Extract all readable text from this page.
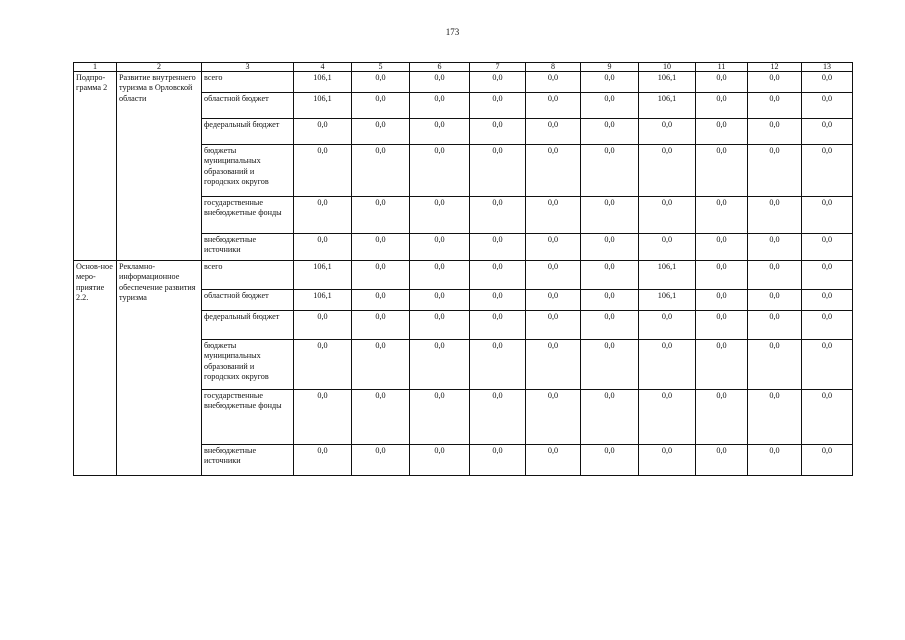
173
1	2	3	4	5	6	7	8	9	10	11	12	13
Подпро-грамма 2	Развитие внутреннего туризма в Орловской области	всего	106,1	0,0	0,0	0,0	0,0	0,0	106,1	0,0	0,0	0,0
		областной бюджет	106,1	0,0	0,0	0,0	0,0	0,0	106,1	0,0	0,0	0,0
		федеральный бюджет	0,0	0,0	0,0	0,0	0,0	0,0	0,0	0,0	0,0	0,0
		бюджеты муниципальных образований и городских округов	0,0	0,0	0,0	0,0	0,0	0,0	0,0	0,0	0,0	0,0
		государственные внебюджетные фонды	0,0	0,0	0,0	0,0	0,0	0,0	0,0	0,0	0,0	0,0
		внебюджетные источники	0,0	0,0	0,0	0,0	0,0	0,0	0,0	0,0	0,0	0,0
Основ-ное меро-приятие 2.2.	Рекламно-информационное обеспечение развития туризма	всего	106,1	0,0	0,0	0,0	0,0	0,0	106,1	0,0	0,0	0,0
		областной бюджет	106,1	0,0	0,0	0,0	0,0	0,0	106,1	0,0	0,0	0,0
		федеральный бюджет	0,0	0,0	0,0	0,0	0,0	0,0	0,0	0,0	0,0	0,0
		бюджеты муниципальных образований и городских округов	0,0	0,0	0,0	0,0	0,0	0,0	0,0	0,0	0,0	0,0
		государственные внебюджетные фонды	0,0	0,0	0,0	0,0	0,0	0,0	0,0	0,0	0,0	0,0
		внебюджетные источники	0,0	0,0	0,0	0,0	0,0	0,0	0,0	0,0	0,0	0,0
